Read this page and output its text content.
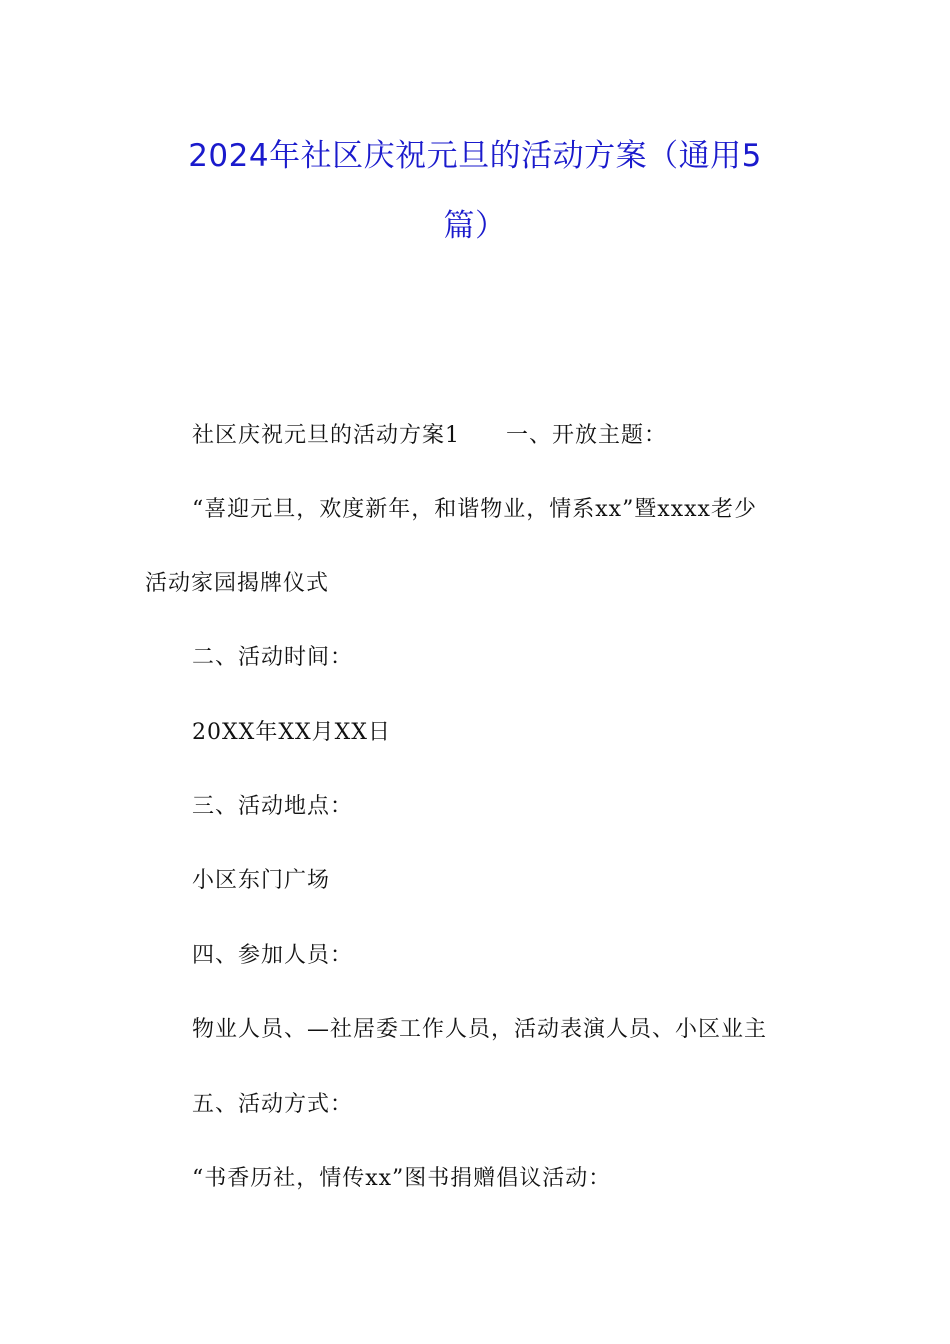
2024年社区庆祝元旦的活动方案（通用5
篇）
社区庆祝元旦的活动方案1 一、开放主题：
“喜迎元旦，欢度新年，和谐物业，情系xx”暨xxxx老少
活动家园揭牌仪式
二、活动时间：
20XX年XX月XX日
三、活动地点：
小区东门广场
四、参加人员：
物业人员、—社居委工作人员，活动表演人员、小区业主
五、活动方式：
“书香历社，情传xx”图书捐赠倡议活动：
